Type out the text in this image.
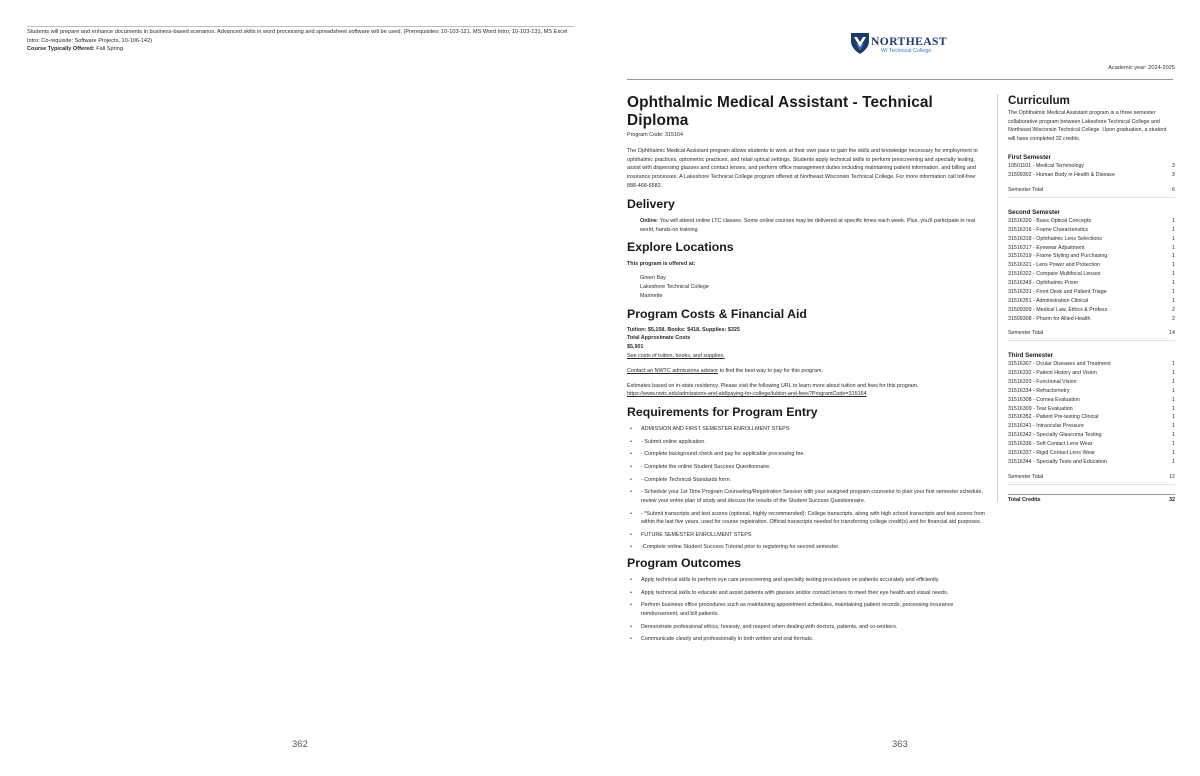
Students will prepare and enhance documents in business-based scenarios. Advanced skills in word processing and spreadsheet software will be used. (Prerequisites: 10-103-121, MS Word Intro; 10-103-131, MS Excel Intro; Co-requisite: Software Projects, 10-106-142)
Course Typically Offered: Fall Spring
362
NORTHEAST
WI Technical College
Academic year: 2024-2025
Ophthalmic Medical Assistant - Technical Diploma
Program Code: 315164
The Ophthalmic Medical Assistant program allows students to work at their own pace to gain the skills and knowledge necessary for employment in ophthalmic practices, optometric practices, and retail optical settings. Students apply technical skills to perform prescreening and specialty testing, assist with dispensing glasses and contact lenses, and perform office management duties including maintaining patient information, and billing and insurance processes. A Lakeshore Technical College program offered at Northeast Wisconsin Technical College. For more information call toll-free: 888-468-6582.
Delivery
Online: You will attend online LTC classes. Some online courses may be delivered at specific times each week. Plus, you'll participate in real world, hands-on training.
Explore Locations
This program is offered at:
Green Bay
Lakeshore Technical College
Marinette
Program Costs & Financial Aid
Tuition: $5,158, Books: $418, Supplies: $325
Total Approximate Costs
$5,901
See costs of tuition, books, and supplies.
Contact an NWTC admissions advisor to find the best way to pay for this program.
Estimates based on in-state residency. Please visit the following URL to learn more about tuition and fees for this program.
https://www.nwtc.edu/admissions-and-aid/paying-for-college/tuition-and-fees?ProgramCode=315164
Requirements for Program Entry
• ADMISSION AND FIRST SEMESTER ENROLLMENT STEPS
• - Submit online application.
• - Complete background check and pay for applicable processing fee.
• - Complete the online Student Success Questionnaire.
• - Complete Technical Standards form.
• - Schedule your 1st Time Program Counseling/Registration Session with your assigned program counselor to plan your first semester schedule, review your entire plan of study and discuss the results of the Student Success Questionnaire.
• - *Submit transcripts and test scores (optional, highly recommended): College transcripts, along with high school transcripts and test scores from within the last five years, used for course registration. Official transcripts needed for transferring college credit(s) and for financial aid purposes.
• FUTURE SEMESTER ENROLLMENT STEPS
• -Complete online Student Success Tutorial prior to registering for second semester.
Program Outcomes
• Apply technical skills to perform eye care prescreening and specialty testing procedures on patients accurately and efficiently.
• Apply technical skills to educate and assist patients with glasses and/or contact lenses to meet their eye health and visual needs.
• Perform business office procedures such as maintaining appointment schedules, maintaining patient records, processing insurance reimbursement, and bill patients.
• Demonstrate professional ethics, honesty, and respect when dealing with doctors, patients, and co-workers.
• Communicate clearly and professionally in both written and oral formats.
Curriculum
The Ophthalmic Medical Assistant program is a three semester collaborative program between Lakeshore Technical College and Northeast Wisconsin Technical College. Upon graduation, a student will have completed 32 credits.
First Semester
10501101 - Medical Terminology	3
31509302 - Human Body in Health & Disease	3
Semester Total	6
Second Semester
31516320 - Basic Optical Concepts	1
31516316 - Frame Characteristics	1
31516318 - Ophthalmic Lens Selections	1
31516317 - Eyewear Adjustment	1
31516319 - Frame Styling and Purchasing	1
31516321 - Lens Power and Protection	1
31516322 - Compare Multifocal Lenses	1
31516349 - Ophthalmic Prism	1
31516331 - Front Desk and Patient Triage	1
31516351 - Administration Clinical	1
31509309 - Medical Law, Ethics & Profess	2
31509308 - Pharm for Allied Health	2
Semester Total	14
Third Semester
31516307 - Ocular Diseases and Treatment	1
31516332 - Patient History and Vision	1
31516333 - Functional Vision	1
31516334 - Refractometry	1
31516308 - Cornea Evaluation	1
31516309 - Tear Evaluation	1
31516352 - Patient Pre-testing Clinical	1
31516341 - Intraocular Pressure	1
31516342 - Specialty Glaucoma Testing	1
31516336 - Soft Contact Lens Wear	1
31516337 - Rigid Contact Lens Wear	1
31516344 - Specialty Tests and Education	1
Semester Total	12
Total Credits	32
363
